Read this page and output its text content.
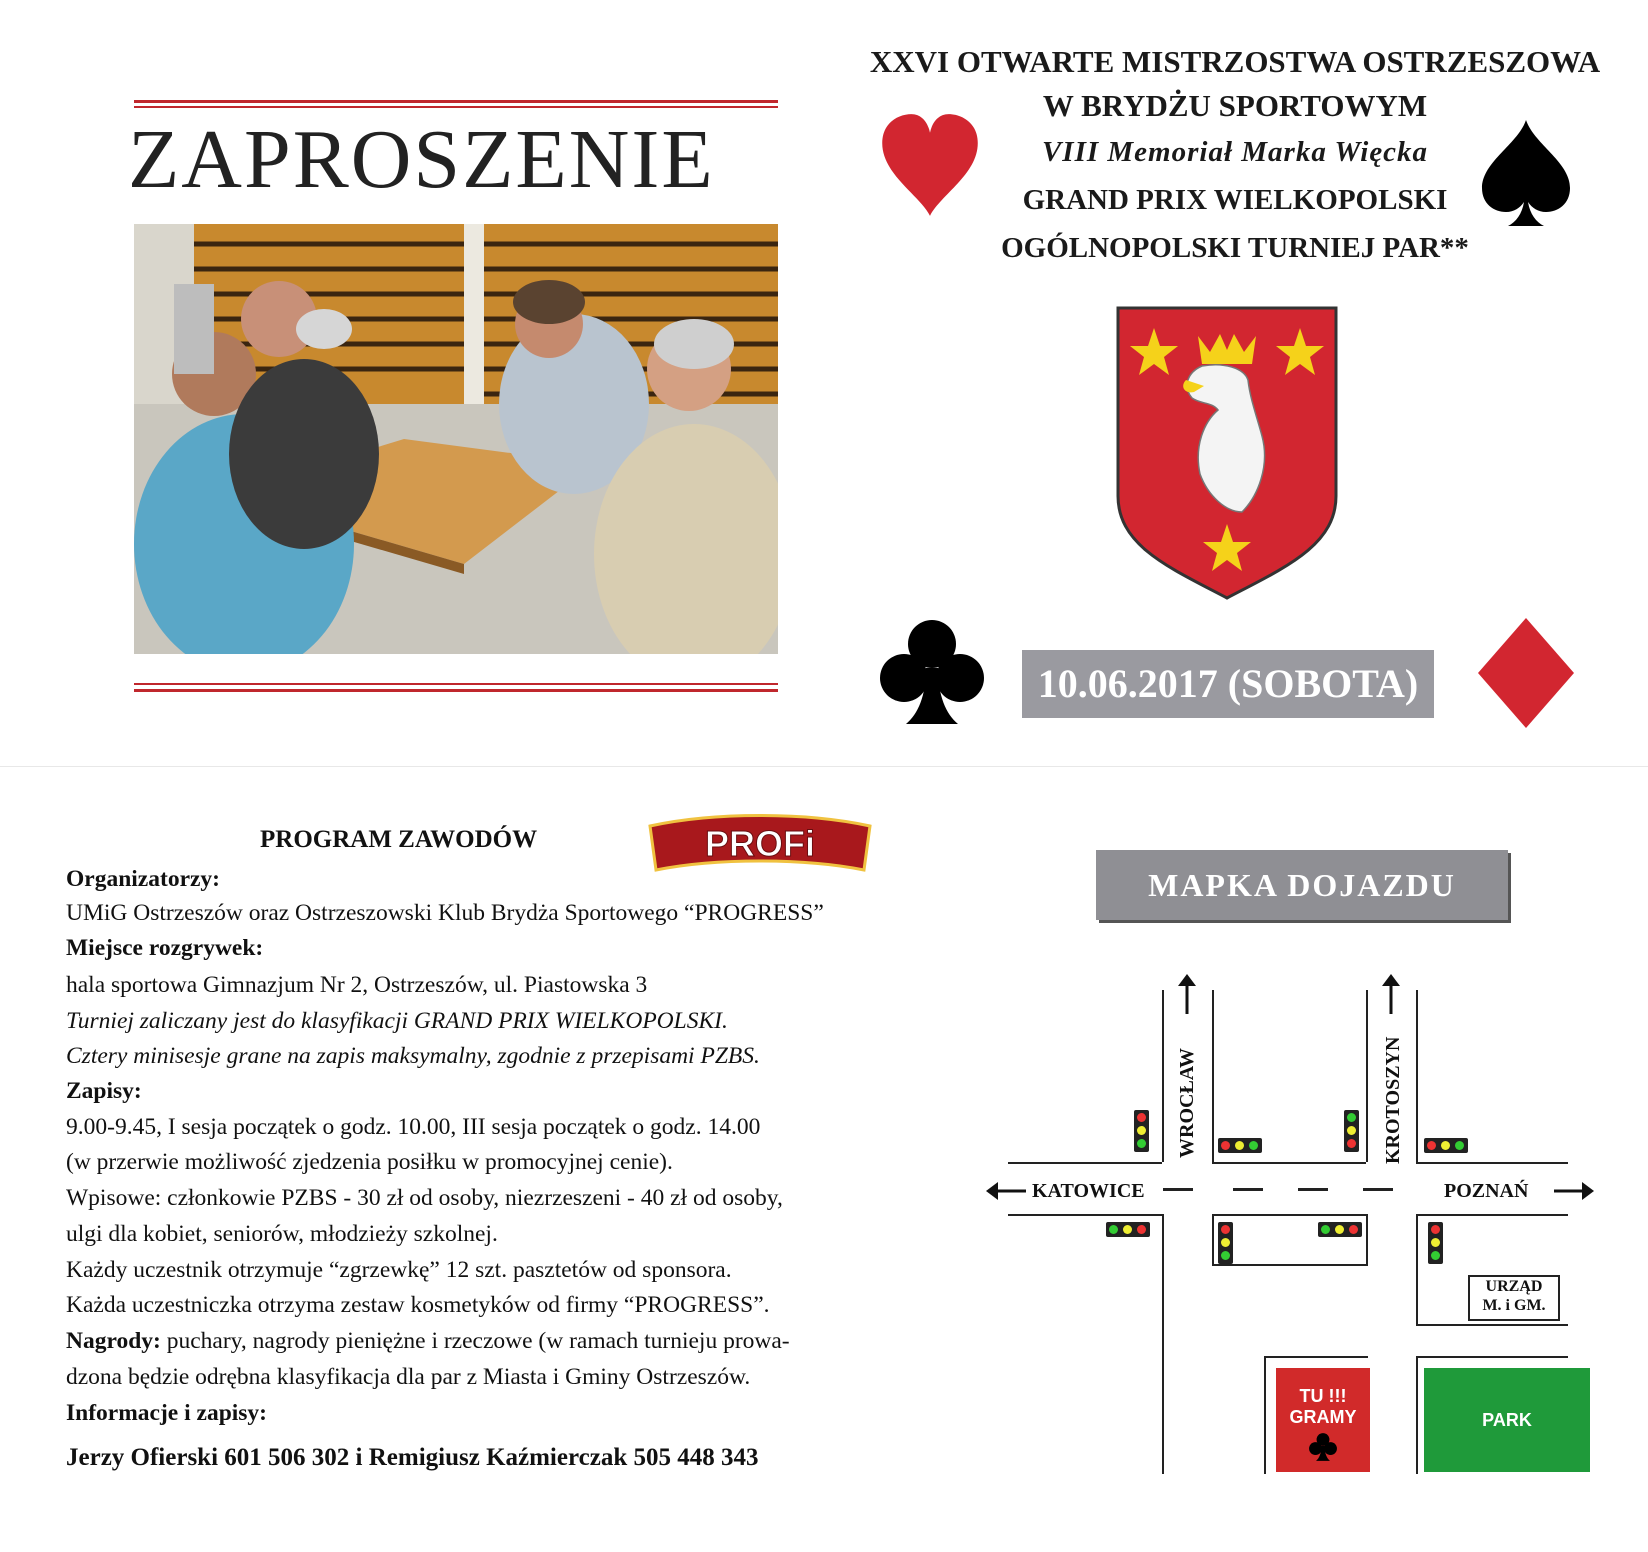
ZAPROSZENIE
XXVI OTWARTE MISTRZOSTWA OSTRZESZOWA
W BRYDŻU SPORTOWYM
VIII Memoriał Marka Więcka
GRAND PRIX WIELKOPOLSKI
OGÓLNOPOLSKI TURNIEJ PAR**
10.06.2017 (SOBOTA)
PROGRAM ZAWODÓW	PROFi
Organizatorzy:
UMiG Ostrzeszów oraz Ostrzeszowski Klub Brydża Sportowego “PROGRESS”
Miejsce rozgrywek:
hala sportowa Gimnazjum Nr 2, Ostrzeszów, ul. Piastowska 3
Turniej zaliczany jest do klasyfikacji GRAND PRIX WIELKOPOLSKI.
Cztery minisesje grane na zapis maksymalny, zgodnie z przepisami PZBS.
Zapisy:
9.00-9.45, I sesja początek o godz. 10.00, III sesja początek o godz. 14.00
(w przerwie możliwość zjedzenia posiłku w promocyjnej cenie).
Wpisowe: członkowie PZBS - 30 zł od osoby, niezrzeszeni - 40 zł od osoby,
ulgi dla kobiet, seniorów, młodzieży szkolnej.
Każdy uczestnik otrzymuje “zgrzewkę” 12 szt. pasztetów od sponsora.
Każda uczestniczka otrzyma zestaw kosmetyków od firmy “PROGRESS”.
Nagrody: puchary, nagrody pieniężne i rzeczowe (w ramach turnieju prowa-
dzona będzie odrębna klasyfikacja dla par z Miasta i Gminy Ostrzeszów.
Informacje i zapisy:
Jerzy Ofierski 601 506 302 i Remigiusz Kaźmierczak 505 448 343
MAPKA DOJAZDU
KATOWICE	POZNAŃ
WROCŁAW	KROTOSZYN
URZĄD
M. i GM.
TU !!!
GRAMY	PARK
